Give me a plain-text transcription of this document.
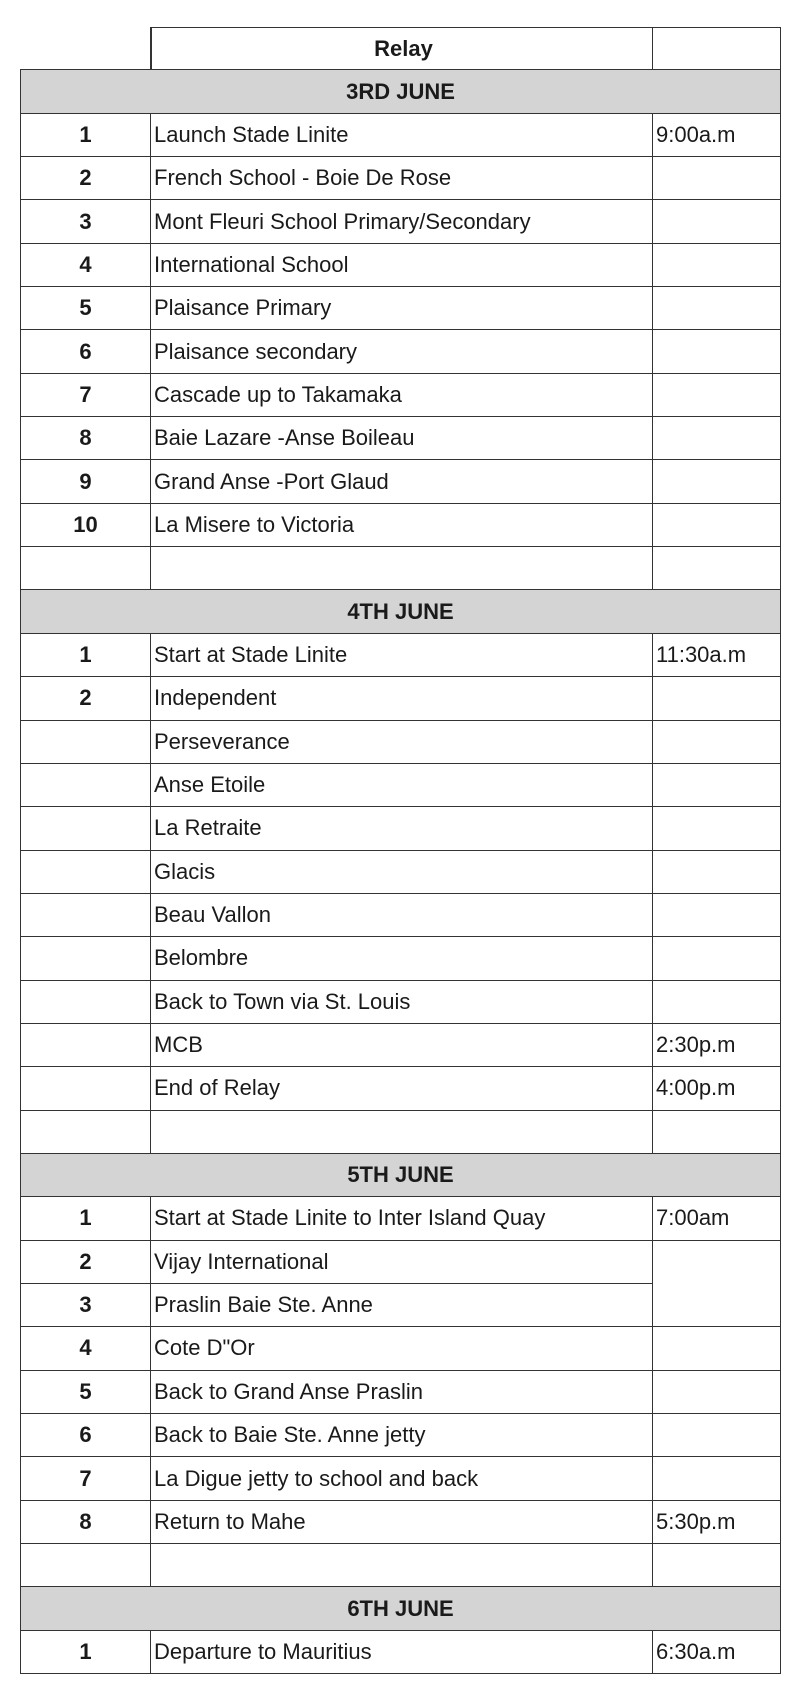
Relay
3RD JUNE
1	Launch Stade Linite	9:00a.m
2	French School - Boie De Rose
3	Mont Fleuri School Primary/Secondary
4	International School
5	Plaisance Primary
6	Plaisance secondary
7	Cascade up to Takamaka
8	Baie Lazare -Anse Boileau
9	Grand Anse -Port Glaud
10	La Misere to Victoria
4TH JUNE
1	Start at Stade Linite	11:30a.m
2	Independent
Perseverance
Anse Etoile
La Retraite
Glacis
Beau Vallon
Belombre
Back to Town via St. Louis
MCB	2:30p.m
End of Relay	4:00p.m
5TH JUNE
1	Start at Stade Linite to Inter Island Quay	7:00am
2	Vijay International
3	Praslin Baie Ste. Anne
4	Cote D"Or
5	Back to Grand Anse Praslin
6	Back to Baie Ste. Anne jetty
7	La Digue jetty to school and back
8	Return to Mahe	5:30p.m
6TH JUNE
1	Departure to Mauritius	6:30a.m
